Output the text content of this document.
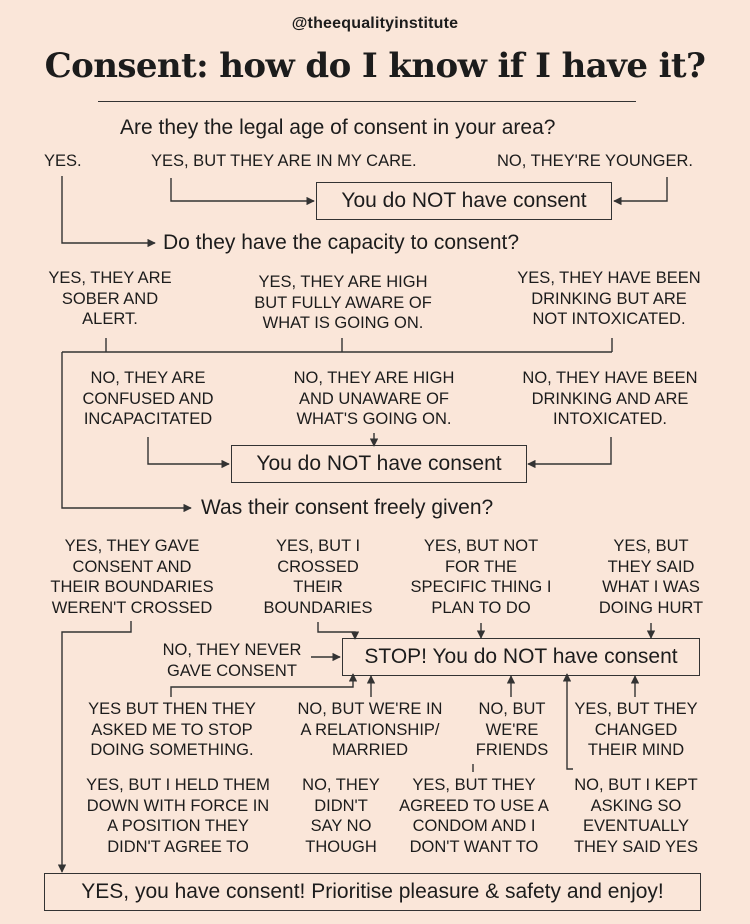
@theequalityinstitute
Consent: how do I know if I have it?
Are they the legal age of consent in your area?
YES.	YES, BUT THEY ARE IN MY CARE.	NO, THEY'RE YOUNGER.
You do NOT have consent
Do they have the capacity to consent?
YES, THEY ARE
SOBER AND
ALERT.
YES, THEY ARE HIGH
BUT FULLY AWARE OF
WHAT IS GOING ON.
YES, THEY HAVE BEEN
DRINKING BUT ARE
NOT INTOXICATED.
NO, THEY ARE
CONFUSED AND
INCAPACITATED
NO, THEY ARE HIGH
AND UNAWARE OF
WHAT'S GOING ON.
NO, THEY HAVE BEEN
DRINKING AND ARE
INTOXICATED.
You do NOT have consent
Was their consent freely given?
YES, THEY GAVE
CONSENT AND
THEIR BOUNDARIES
WEREN'T CROSSED
YES, BUT I
CROSSED
THEIR
BOUNDARIES
YES, BUT NOT
FOR THE
SPECIFIC THING I
PLAN TO DO
YES, BUT
THEY SAID
WHAT I WAS
DOING HURT
NO, THEY NEVER
GAVE CONSENT
STOP! You do NOT have consent
YES BUT THEN THEY
ASKED ME TO STOP
DOING SOMETHING.
NO, BUT WE'RE IN
A RELATIONSHIP/
MARRIED
NO, BUT
WE'RE
FRIENDS
YES, BUT THEY
CHANGED
THEIR MIND
YES, BUT I HELD THEM
DOWN WITH FORCE IN
A POSITION THEY
DIDN'T AGREE TO
NO, THEY
DIDN'T
SAY NO
THOUGH
YES, BUT THEY
AGREED TO USE A
CONDOM AND I
DON'T WANT TO
NO, BUT I KEPT
ASKING SO
EVENTUALLY
THEY SAID YES
YES, you have consent! Prioritise pleasure & safety and enjoy!
